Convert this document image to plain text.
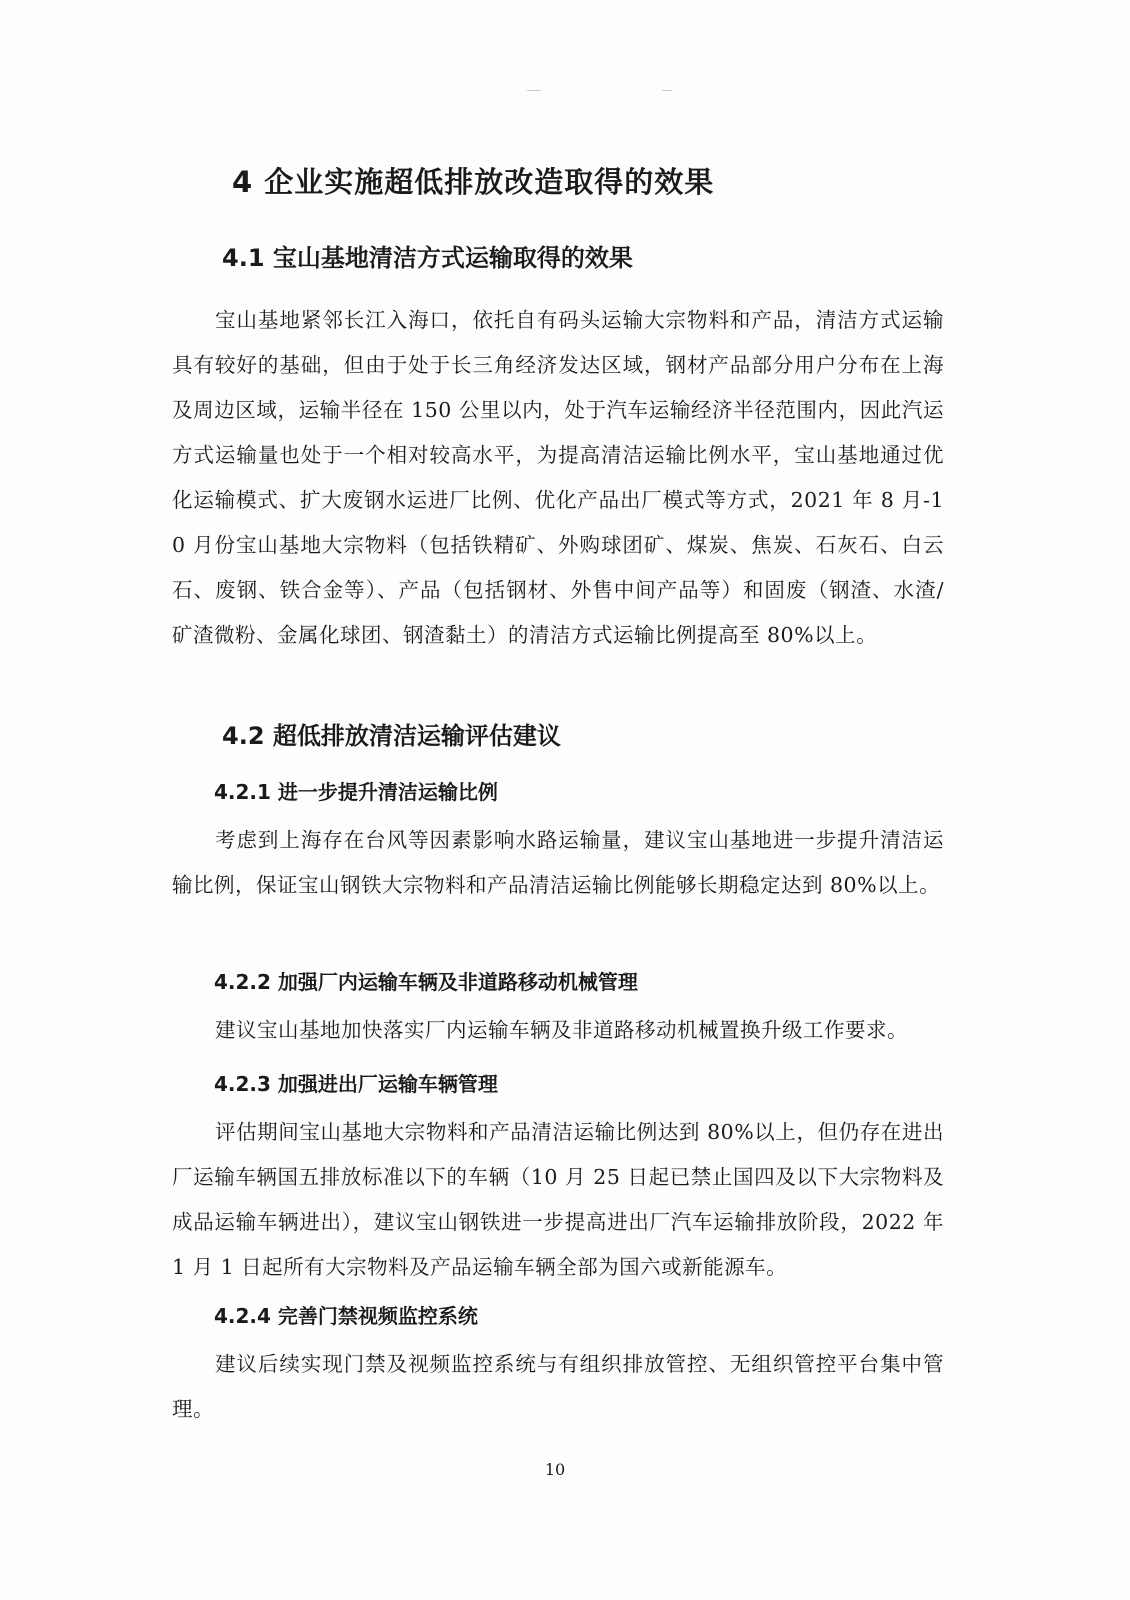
4 企业实施超低排放改造取得的效果
4.1 宝山基地清洁方式运输取得的效果
宝山基地紧邻长江入海口，依托自有码头运输大宗物料和产品，清洁方式运输具有较好的基础，但由于处于长三角经济发达区域，钢材产品部分用户分布在上海及周边区域，运输半径在 150 公里以内，处于汽车运输经济半径范围内，因此汽运方式运输量也处于一个相对较高水平，为提高清洁运输比例水平，宝山基地通过优化运输模式、扩大废钢水运进厂比例、优化产品出厂模式等方式，2021 年 8 月-10 月份宝山基地大宗物料（包括铁精矿、外购球团矿、煤炭、焦炭、石灰石、白云石、废钢、铁合金等）、产品（包括钢材、外售中间产品等）和固废（钢渣、水渣/矿渣微粉、金属化球团、钢渣黏土）的清洁方式运输比例提高至 80%以上。
4.2 超低排放清洁运输评估建议
4.2.1 进一步提升清洁运输比例
考虑到上海存在台风等因素影响水路运输量，建议宝山基地进一步提升清洁运输比例，保证宝山钢铁大宗物料和产品清洁运输比例能够长期稳定达到 80%以上。
4.2.2 加强厂内运输车辆及非道路移动机械管理
建议宝山基地加快落实厂内运输车辆及非道路移动机械置换升级工作要求。
4.2.3 加强进出厂运输车辆管理
评估期间宝山基地大宗物料和产品清洁运输比例达到 80%以上，但仍存在进出厂运输车辆国五排放标准以下的车辆（10 月 25 日起已禁止国四及以下大宗物料及成品运输车辆进出），建议宝山钢铁进一步提高进出厂汽车运输排放阶段，2022 年 1 月 1 日起所有大宗物料及产品运输车辆全部为国六或新能源车。
4.2.4 完善门禁视频监控系统
建议后续实现门禁及视频监控系统与有组织排放管控、无组织管控平台集中管理。
10
